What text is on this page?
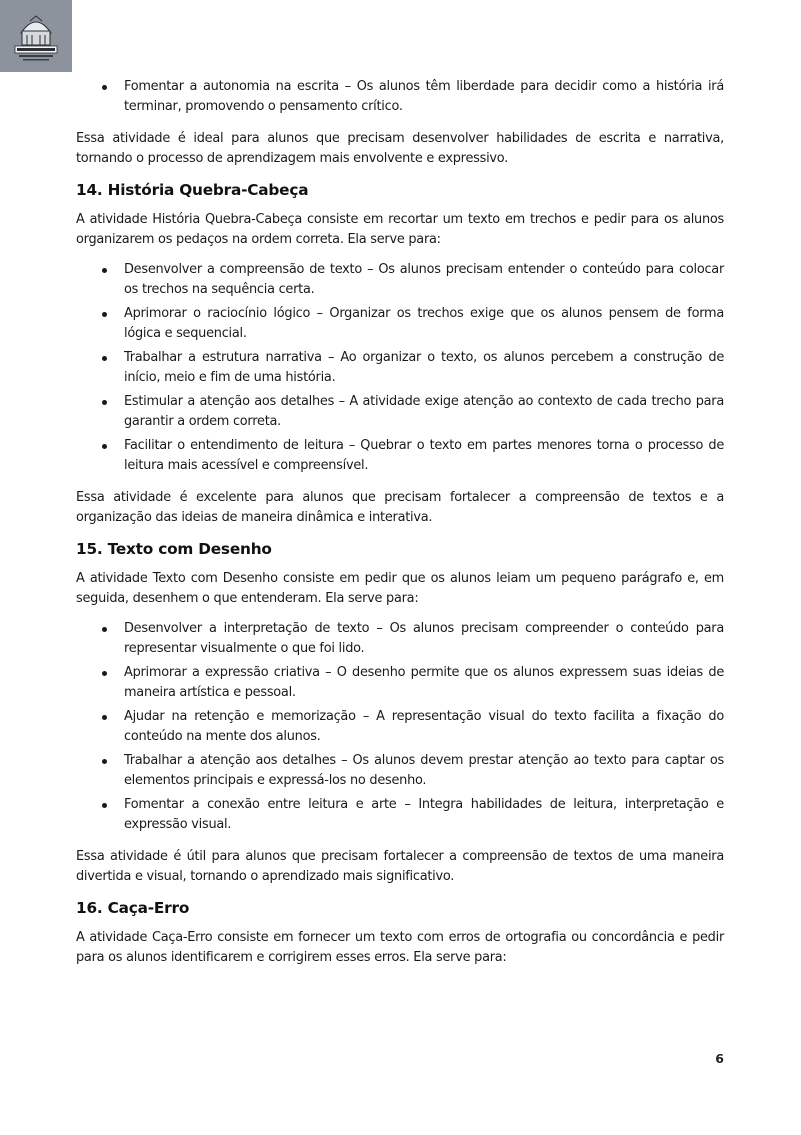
Fomentar a autonomia na escrita – Os alunos têm liberdade para decidir como a história irá terminar, promovendo o pensamento crítico.

Essa atividade é ideal para alunos que precisam desenvolver habilidades de escrita e narrativa, tornando o processo de aprendizagem mais envolvente e expressivo.

14. História Quebra-Cabeça

A atividade História Quebra-Cabeça consiste em recortar um texto em trechos e pedir para os alunos organizarem os pedaços na ordem correta. Ela serve para:

Desenvolver a compreensão de texto – Os alunos precisam entender o conteúdo para colocar os trechos na sequência certa.
Aprimorar o raciocínio lógico – Organizar os trechos exige que os alunos pensem de forma lógica e sequencial.
Trabalhar a estrutura narrativa – Ao organizar o texto, os alunos percebem a construção de início, meio e fim de uma história.
Estimular a atenção aos detalhes – A atividade exige atenção ao contexto de cada trecho para garantir a ordem correta.
Facilitar o entendimento de leitura – Quebrar o texto em partes menores torna o processo de leitura mais acessível e compreensível.

Essa atividade é excelente para alunos que precisam fortalecer a compreensão de textos e a organização das ideias de maneira dinâmica e interativa.

15. Texto com Desenho

A atividade Texto com Desenho consiste em pedir que os alunos leiam um pequeno parágrafo e, em seguida, desenhem o que entenderam. Ela serve para:

Desenvolver a interpretação de texto – Os alunos precisam compreender o conteúdo para representar visualmente o que foi lido.
Aprimorar a expressão criativa – O desenho permite que os alunos expressem suas ideias de maneira artística e pessoal.
Ajudar na retenção e memorização – A representação visual do texto facilita a fixação do conteúdo na mente dos alunos.
Trabalhar a atenção aos detalhes – Os alunos devem prestar atenção ao texto para captar os elementos principais e expressá-los no desenho.
Fomentar a conexão entre leitura e arte – Integra habilidades de leitura, interpretação e expressão visual.

Essa atividade é útil para alunos que precisam fortalecer a compreensão de textos de uma maneira divertida e visual, tornando o aprendizado mais significativo.

16. Caça-Erro

A atividade Caça-Erro consiste em fornecer um texto com erros de ortografia ou concordância e pedir para os alunos identificarem e corrigirem esses erros. Ela serve para:

6
